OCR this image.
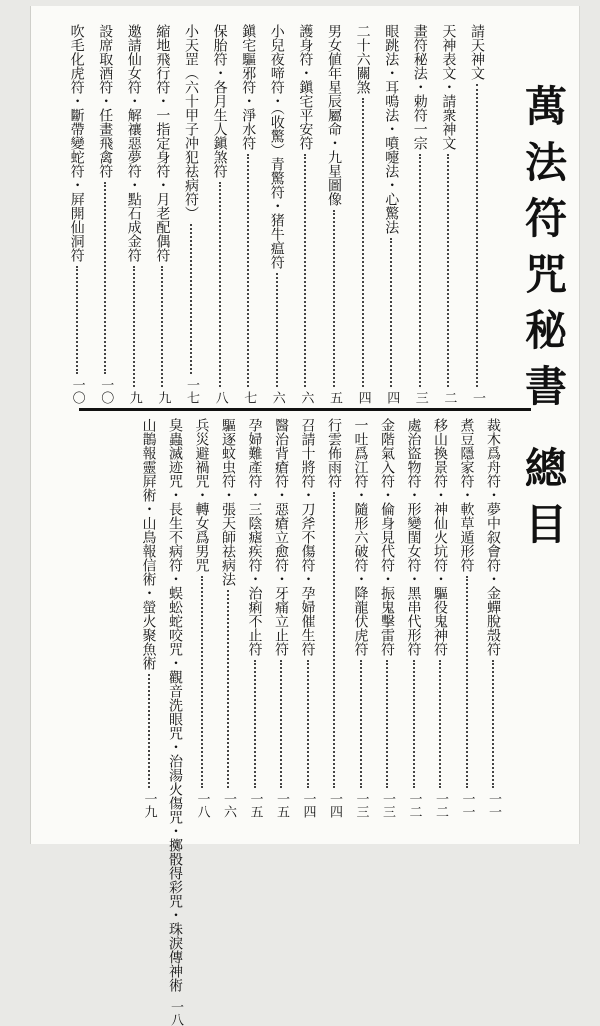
萬
法
符
咒
秘
書
總
目
請天神文
一
天神表文・請衆神文
二
畫符秘法・勅符一宗
三
眼跳法・耳鳴法・噴嚏法・心驚法
四
二十六關煞
四
男女値年星辰屬命・九星圖像
五
護身符・鎭宅平安符
六
小兒夜啼符・（收驚）青驚符・猪牛瘟符
六
鎭宅驅邪符・淨水符
七
保胎符・各月生人鎭煞符
八
小天罡（六十甲子冲犯祛病符）
一七
縮地飛行符・一指定身符・月老配偶符
九
邀請仙女符・解禳惡夢符・點石成金符
九
設席取酒符・任畫飛禽符
一〇
吹毛化虎符・斷帶變蛇符・屛開仙洞符
一〇
裁木爲舟符・夢中叙會符・金蟬脫殼符
一一
煮豆隱家符・軟草遁形符
一一
移山換景符・神仙火坑符・驅役鬼神符
一二
處治盜物符・形變閨女符・黑串代形符
一二
金階氣入符・倫身見代符・振鬼擊雷符
一三
一吐爲江符・隨形六破符・降龍伏虎符
一三
行雲佈雨符
一四
召請十將符・刀斧不傷符・孕婦催生符
一四
醫治背瘡符・惡瘡立愈符・牙痛立止符
一五
孕婦難產符・三陰瘧疾符・治痢不止符
一五
驅逐蚊虫符・張天師祛病法
一六
兵災避禍咒・轉女爲男咒
一八
臭蟲滅迹咒・長生不病符・蜈蚣蛇咬咒・觀音洗眼咒・治湯火傷咒・擲骰得彩咒・珠淚傳神術
一八
山鵲報靈屛術・山鳥報信術・螢火聚魚術
一九
